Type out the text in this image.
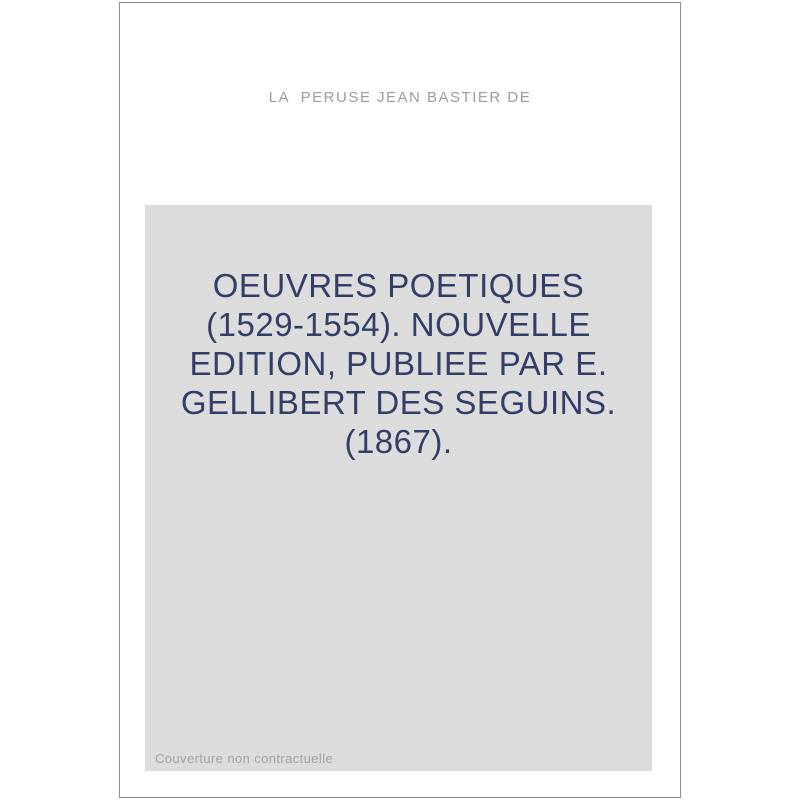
LA  PERUSE JEAN BASTIER DE
OEUVRES POETIQUES
(1529-1554). NOUVELLE
EDITION, PUBLIEE PAR E.
GELLIBERT DES SEGUINS.
(1867).
Couverture non contractuelle
